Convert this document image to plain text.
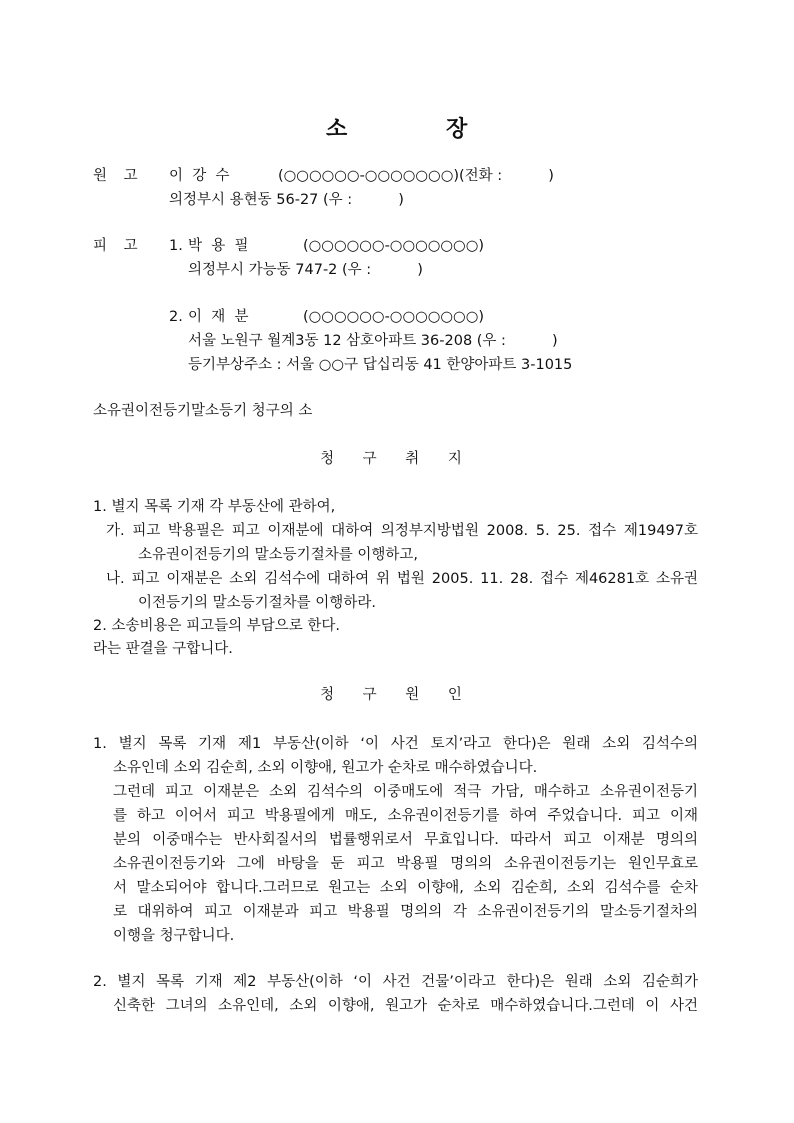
소	장
원 고 이  강  수	(○○○○○○-○○○○○○○)(전화 :          )
의정부시 용현동 56-27 (우 :          )
피 고 1. 박  용  필	(○○○○○○-○○○○○○○)
의정부시 가능동 747-2 (우 :          )
2. 이  재  분	(○○○○○○-○○○○○○○)
서울 노원구 월계3동 12 삼호아파트 36-208 (우 :          )
등기부상주소 : 서울 ○○구 답십리동 41 한양아파트 3-1015
소유권이전등기말소등기 청구의 소
청 구 취 지
1. 별지 목록 기재 각 부동산에 관하여,
가. 피고 박용필은 피고 이재분에 대하여 의정부지방법원 2008. 5. 25. 접수 제19497호
소유권이전등기의 말소등기절차를 이행하고,
나. 피고 이재분은 소외 김석수에 대하여 위 법원 2005. 11. 28. 접수 제46281호 소유권
이전등기의 말소등기절차를 이행하라.
2. 소송비용은 피고들의 부담으로 한다.
라는 판결을 구합니다.
청 구 원 인
1. 별지 목록 기재 제1 부동산(이하 ‘이 사건 토지’라고 한다)은 원래 소외 김석수의
소유인데 소외 김순희, 소외 이향애, 원고가 순차로 매수하였습니다.
그런데 피고 이재분은 소외 김석수의 이중매도에 적극 가담, 매수하고 소유권이전등기
를 하고 이어서 피고 박용필에게 매도, 소유권이전등기를 하여 주었습니다. 피고 이재
분의 이중매수는 반사회질서의 법률행위로서 무효입니다. 따라서 피고 이재분 명의의
소유권이전등기와 그에 바탕을 둔 피고 박용필 명의의 소유권이전등기는 원인무효로
서 말소되어야 합니다.그러므로 원고는 소외 이향애, 소외 김순희, 소외 김석수를 순차
로 대위하여 피고 이재분과 피고 박용필 명의의 각 소유권이전등기의 말소등기절차의
이행을 청구합니다.
2. 별지 목록 기재 제2 부동산(이하 ‘이 사건 건물’이라고 한다)은 원래 소외 김순희가
신축한 그녀의 소유인데, 소외 이향애, 원고가 순차로 매수하였습니다.그런데 이 사건
